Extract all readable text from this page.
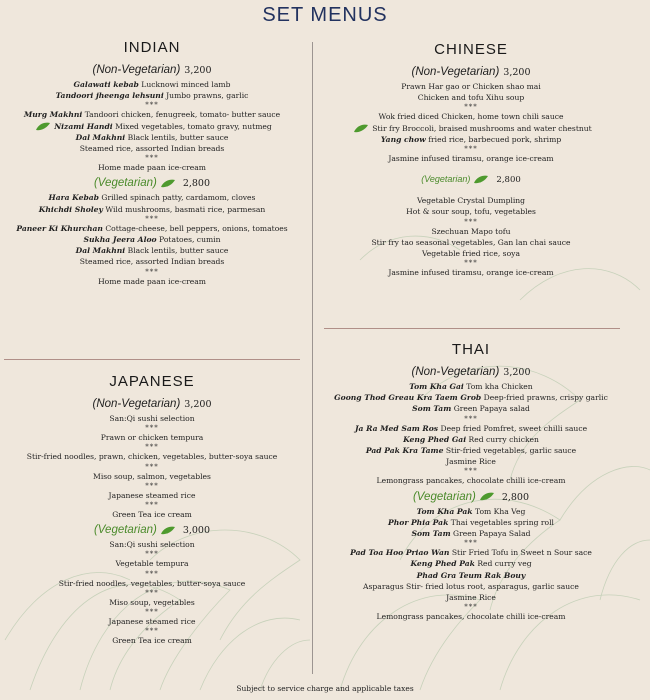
SET MENUS
INDIAN
(Non-Vegetarian) 3,200
Galawati kebab Lucknowi minced lamb
Tandoori jheenga lehsuni Jumbo prawns, garlic
***
Murg Makhni Tandoori chicken, fenugreek, tomato- butter sauce
Nizami Handi Mixed vegetables, tomato gravy, nutmeg
Dal Makhni Black lentils, butter sauce
Steamed rice, assorted Indian breads
***
Home made paan ice-cream
(Vegetarian)	2,800
Hara Kebab Grilled spinach patty, cardamom, cloves
Khichdi Sholey Wild mushrooms, basmati rice, parmesan
***
Paneer Ki Khurchan Cottage-cheese, bell peppers, onions, tomatoes
Sukha Jeera Aloo Potatoes, cumin
Dal Makhni Black lentils, butter sauce
Steamed rice, assorted Indian breads
***
Home made paan ice-cream
JAPANESE
(Non-Vegetarian) 3,200
San:Qi sushi selection
***
Prawn or chicken tempura
***
Stir-fried noodles, prawn, chicken, vegetables, butter-soya sauce
***
Miso soup, salmon, vegetables
***
Japanese steamed rice
***
Green Tea ice cream
(Vegetarian)	3,000
San:Qi sushi selection
***
Vegetable tempura
***
Stir-fried noodles, vegetables, butter-soya sauce
***
Miso soup, vegetables
***
Japanese steamed rice
***
Green Tea ice cream
CHINESE
(Non-Vegetarian) 3,200
Prawn Har gao or Chicken shao mai
Chicken and tofu Xihu soup
***
Wok fried diced Chicken, home town chili sauce
Stir fry Broccoli, braised mushrooms and water chestnut
Yang chow fried rice, barbecued pork, shrimp
***
Jasmine infused tiramsu, orange ice-cream
(Vegetarian)	2,800
Vegetable Crystal Dumpling
Hot & sour soup, tofu, vegetables
***
Szechuan Mapo tofu
Stir fry tao seasonal vegetables, Gan lan chai sauce
Vegetable fried rice, soya
***
Jasmine infused tiramsu, orange ice-cream
THAI
(Non-Vegetarian) 3,200
Tom Kha Gai Tom kha Chicken
Goong Thod Greau Kra Taem Grob Deep-fried prawns, crispy garlic
Som Tam Green Papaya salad
***
Ja Ra Med Sam Ros Deep fried Pomfret, sweet chilli sauce
Keng Phed Gai Red curry chicken
Pad Pak Kra Tame Stir-fried vegetables, garlic sauce
Jasmine Rice
***
Lemongrass pancakes, chocolate chilli ice-cream
(Vegetarian)	2,800
Tom Kha Pak Tom Kha Veg
Phor Phia Pak Thai vegetables spring roll
Som Tam Green Papaya Salad
***
Pad Toa Hoo Priao Wan Stir Fried Tofu in Sweet n Sour sace
Keng Phed Pak Red curry veg
Phad Gra Teum Rak Bouy
Asparagus Stir- fried lotus root, asparagus, garlic sauce
Jasmine Rice
***
Lemongrass pancakes, chocolate chilli ice-cream
Subject to service charge and applicable taxes
